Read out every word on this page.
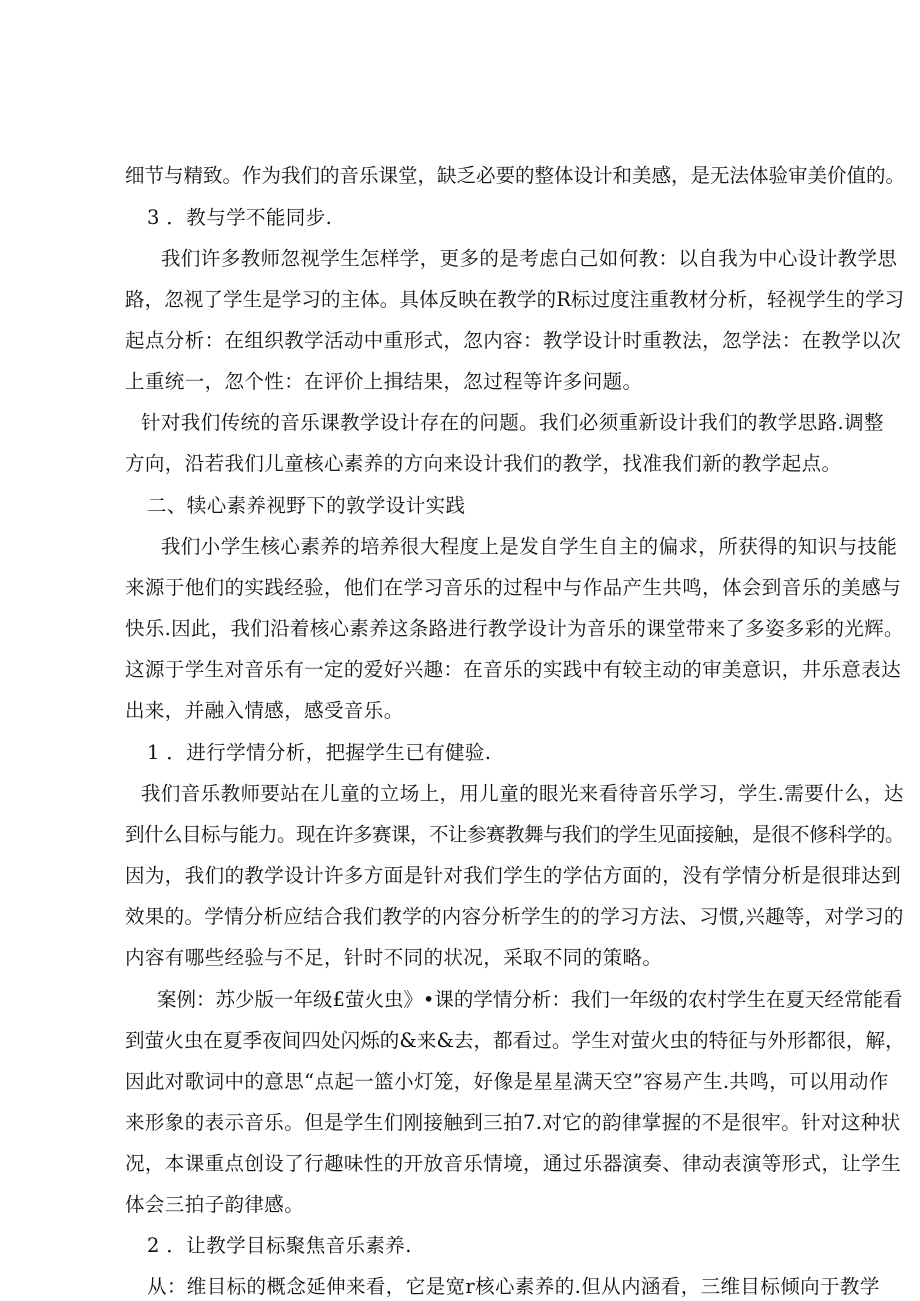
细节与精致。作为我们的音乐课堂，缺乏必要的整体设计和美感，是无法体验审美价值的。
3 ．教与学不能同步.
我们许多教师忽视学生怎样学，更多的是考虑白己如何教：以自我为中心设计教学思
路，忽视了学生是学习的主体。具体反映在教学的R标过度注重教材分析，轻视学生的学习
起点分析：在组织教学活动中重形式，忽内容：教学设计时重教法，忽学法：在教学以次
上重统一，忽个性：在评价上揖结果，忽过程等许多问题。
针对我们传统的音乐课教学设计存在的问题。我们必须重新设计我们的教学思路.调整
方向，沿若我们儿童核心素养的方向来设计我们的教学，找准我们新的教学起点。
二、犊心素养视野下的敦学设计实践
我们小学生核心素养的培养很大程度上是发自学生自主的偏求，所获得的知识与技能
来源于他们的实践经验，他们在学习音乐的过程中与作品产生共鸣，体会到音乐的美感与
快乐.因此，我们沿着核心素养这条路进行教学设计为音乐的课堂带来了多姿多彩的光辉。
这源于学生对音乐有一定的爱好兴趣：在音乐的实践中有较主动的审美意识，井乐意表达
出来，并融入情感，感受音乐。
1 ．进行学情分析，把握学生已有健验.
我们音乐教师要站在儿童的立场上，用儿童的眼光来看待音乐学习，学生.需要什么，达
到什么目标与能力。现在许多赛课，不让参赛教舞与我们的学生见面接触，是很不修科学的。
因为，我们的教学设计许多方面是针对我们学生的学估方面的，没有学情分析是很琲达到
效果的。学情分析应结合我们教学的内容分析学生的的学习方法、习惯,兴趣等，对学习的
内容有哪些经验与不足，针时不同的状况，采取不同的策略。
案例：苏少版一年级£萤火虫》•课的学情分析：我们一年级的农村学生在夏天经常能看
到萤火虫在夏季夜间四处闪烁的&来&去，都看过。学生对萤火虫的特征与外形都很，解，
因此对歌词中的意思“点起一篮小灯笼，好像是星星满天空”容易产生.共鸣，可以用动作
来形象的表示音乐。但是学生们刚接触到三拍7.对它的韵律掌握的不是很牢。针对这种状
况，本课重点创设了行趣味性的开放音乐情境，通过乐器演奏、律动表演等形式，让学生
体会三拍子韵律感。
2 ．让教学目标聚焦音乐素养.
从：维目标的概念延伸来看，它是宽r核心素养的.但从内涵看，三维目标倾向于教学
